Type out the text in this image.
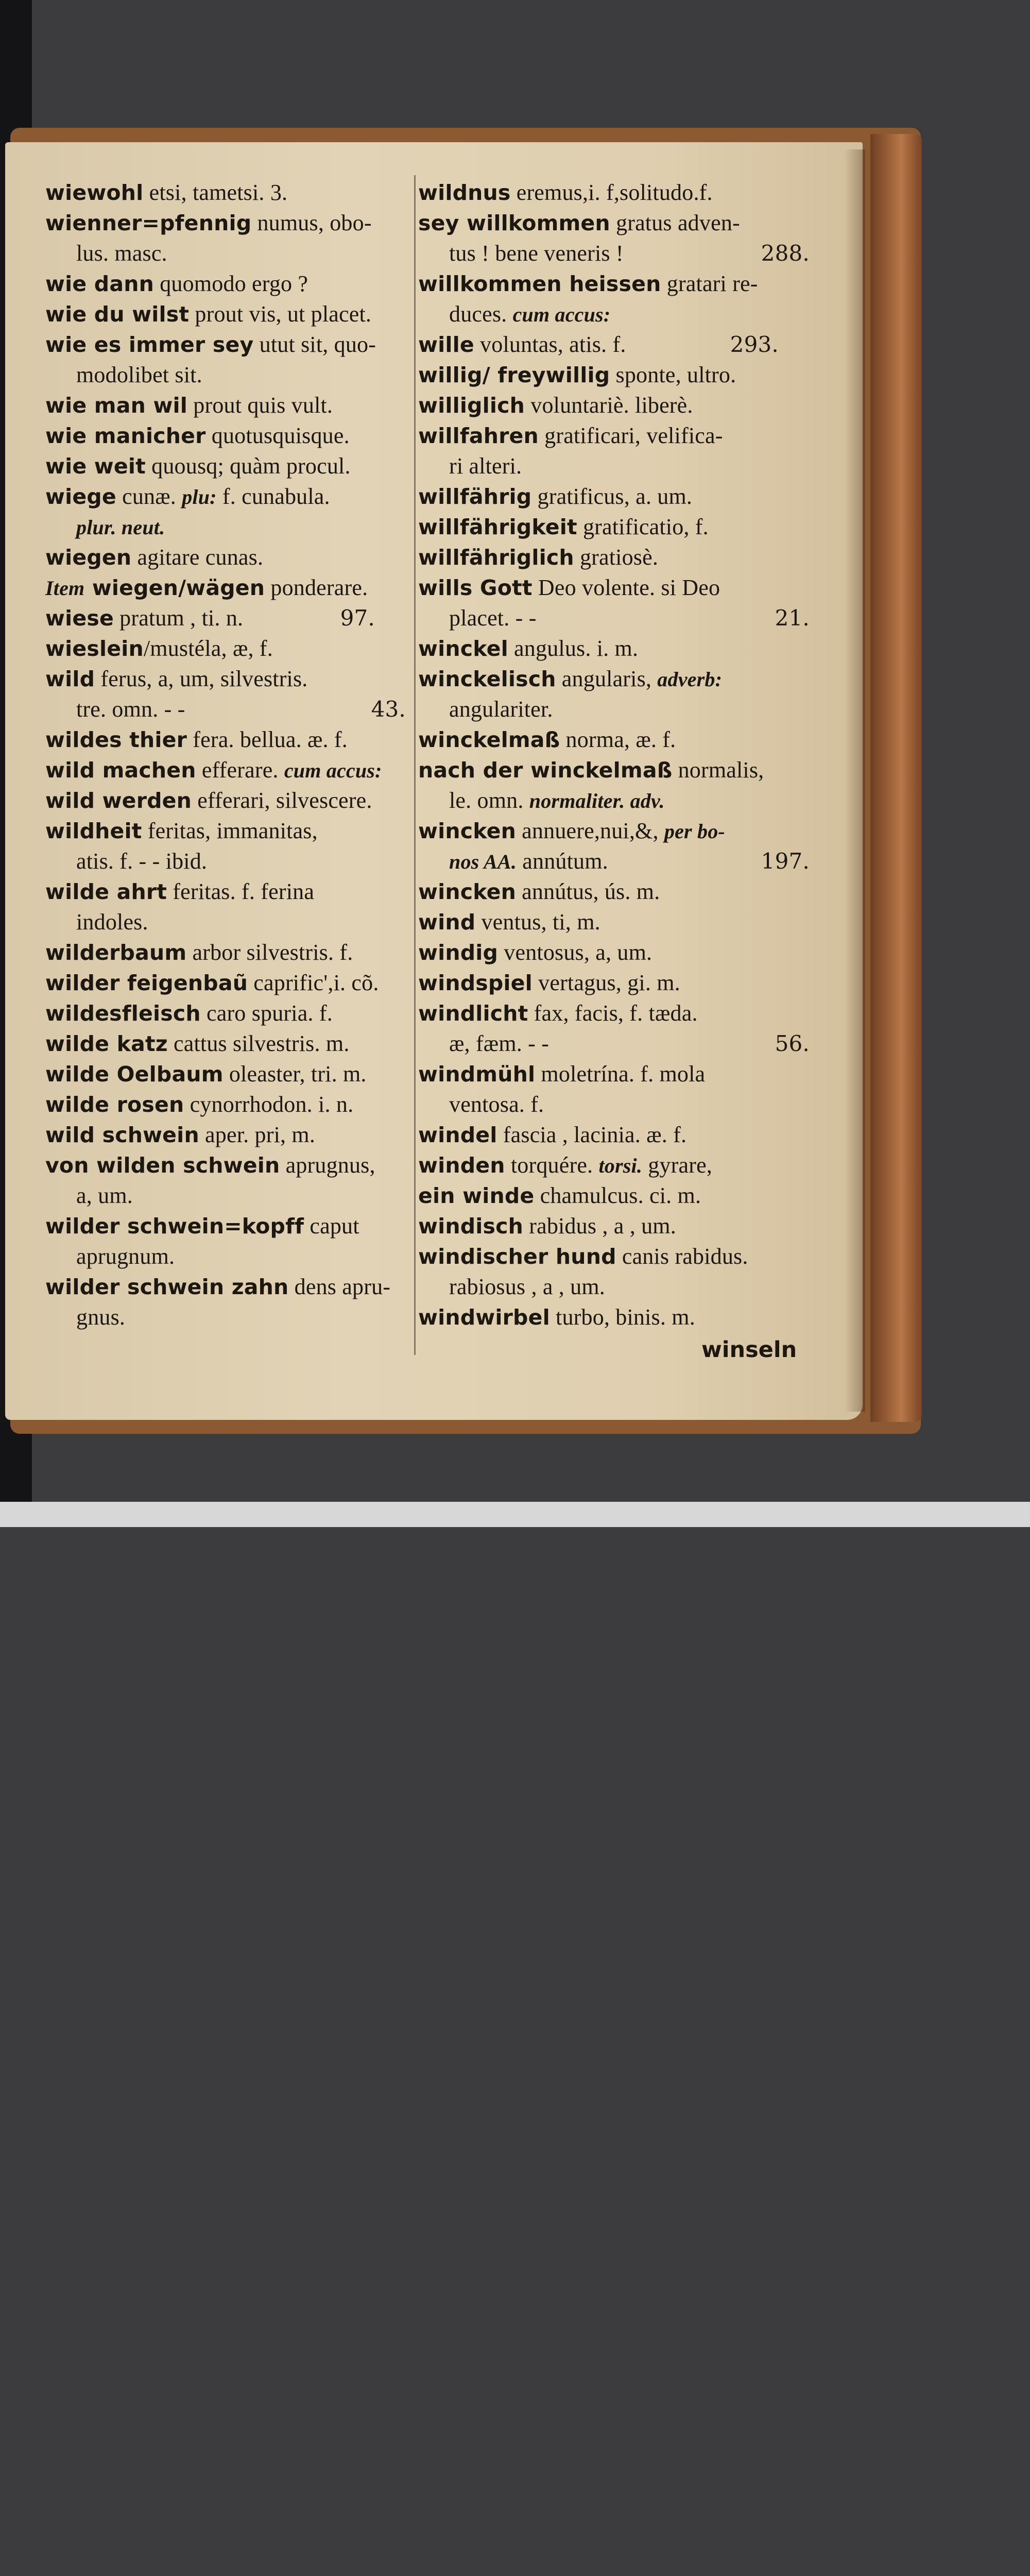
wiewohl etsi, tametsi. 3.
wienner=pfennig numus, obo-
lus. masc.
wie dann quomodo ergo ?
wie du wilst prout vis, ut placet.
wie es immer sey utut sit, quo-
modolibet sit.
wie man wil prout quis vult.
wie manicher quotusquisque.
wie weit quousq; quàm procul.
wiege cunæ. plu: f. cunabula.
plur. neut.
wiegen agitare cunas.
Item wiegen/wägen ponderare.
wiese pratum , ti. n.	97.
wieslein/mustéla, æ, f.
wild ferus, a, um, silvestris.
tre. omn. - -	43.
wildes thier fera. bellua. æ. f.
wild machen efferare. cum accus:
wild werden efferari, silvescere.
wildheit feritas, immanitas,
atis. f. - - ibid.
wilde ahrt feritas. f. ferina
indoles.
wilderbaum arbor silvestris. f.
wilder feigenbaũ caprific',i. cõ.
wildesfleisch caro spuria. f.
wilde katz cattus silvestris. m.
wilde Oelbaum oleaster, tri. m.
wilde rosen cynorrhodon. i. n.
wild schwein aper. pri, m.
von wilden schwein aprugnus,
a, um.
wilder schwein=kopff caput
aprugnum.
wilder schwein zahn dens apru-
gnus.
wildnus eremus,i. f,solitudo.f.
sey willkommen gratus adven-
tus ! bene veneris !	288.
willkommen heissen gratari re-
duces. cum accus:
wille voluntas, atis. f.	293.
willig/ freywillig sponte, ultro.
williglich voluntariè. liberè.
willfahren gratificari, velifica-
ri alteri.
willfährig gratificus, a. um.
willfährigkeit gratificatio, f.
willfähriglich gratiosè.
wills Gott Deo volente. si Deo
placet. - -	21.
winckel angulus. i. m.
winckelisch angularis, adverb:
angulariter.
winckelmaß norma, æ. f.
nach der winckelmaß normalis,
le. omn. normaliter. adv.
wincken annuere,nui,&, per bo-
nos AA. annútum.	197.
wincken annútus, ús. m.
wind ventus, ti, m.
windig ventosus, a, um.
windspiel vertagus, gi. m.
windlicht fax, facis, f. tæda.
æ, fæm. - -	56.
windmühl moletrína. f. mola
ventosa. f.
windel fascia , lacinia. æ. f.
winden torquére. torsi. gyrare,
ein winde chamulcus. ci. m.
windisch rabidus , a , um.
windischer hund canis rabidus.
rabiosus , a , um.
windwirbel turbo, binis. m.
winseln
